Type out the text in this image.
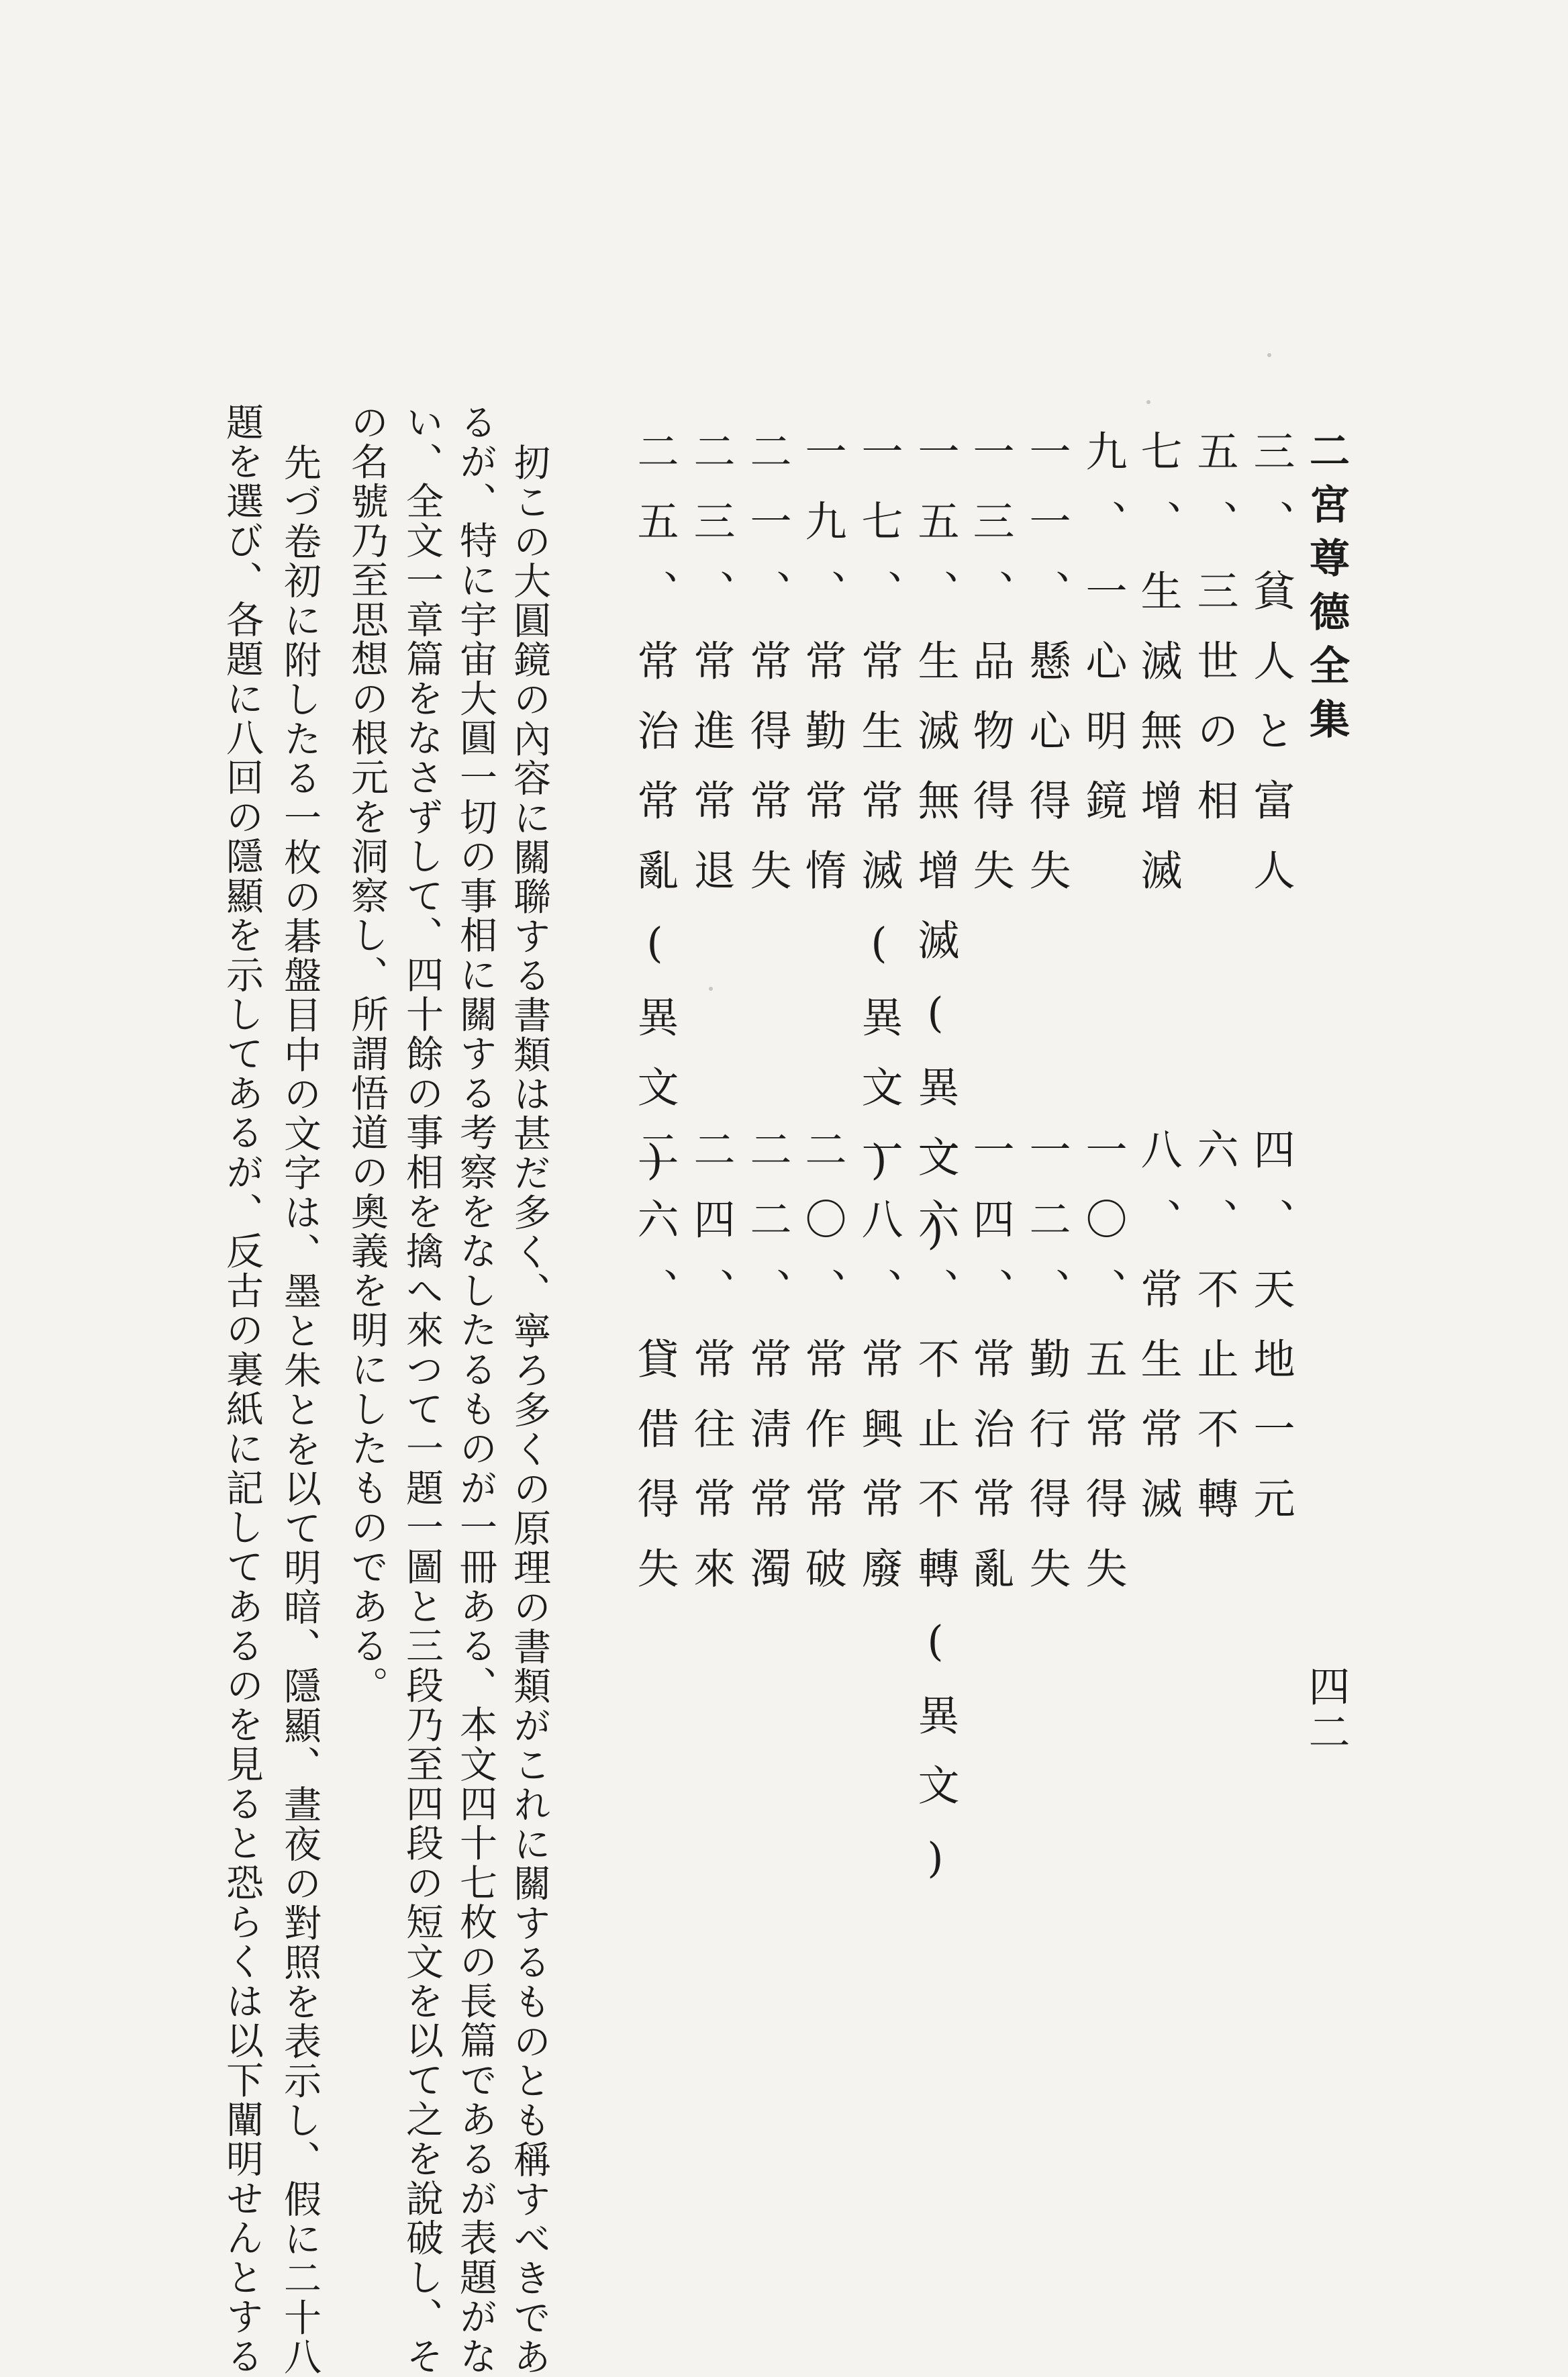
二宮尊德全集
四二
三、貧人と富人
五、三世の相
七、生滅無增滅
九、一心明鏡
一一、懸心得失
一三、品物得失
一五、生滅無增滅(異文)
一七、常生常滅(異文)
一九、常勤常惰
二一、常得常失
二三、常進常退
二五、常治常亂(異文)
四、天地一元
六、不止不轉
八、常生常滅
一〇、五常得失
一二、勤行得失
一四、常治常亂
一六、不止不轉(異文)
一八、常興常廢
二〇、常作常破
二二、常淸常濁
二四、常往常來
二六、貸借得失
扨この大圓鏡の內容に關聯する書類は甚だ多く、寧ろ多くの原理の書類がこれに關するものとも稱すべきであ
るが、特に宇宙大圓一切の事相に關する考察をなしたるものが一冊ある、本文四十七枚の長篇であるが表題がな
い、全文一章篇をなさずして、四十餘の事相を擒へ來つて一題一圖と三段乃至四段の短文を以て之を說破し、そ
の名號乃至思想の根元を洞察し、所謂悟道の奧義を明にしたものである。
先づ卷初に附したる一枚の碁盤目中の文字は、墨と朱とを以て明暗、隱顯、晝夜の對照を表示し、假に二十八
題を選び、各題に八回の隱顯を示してあるが、反古の裏紙に記してあるのを見ると恐らくは以下闡明せんとする
